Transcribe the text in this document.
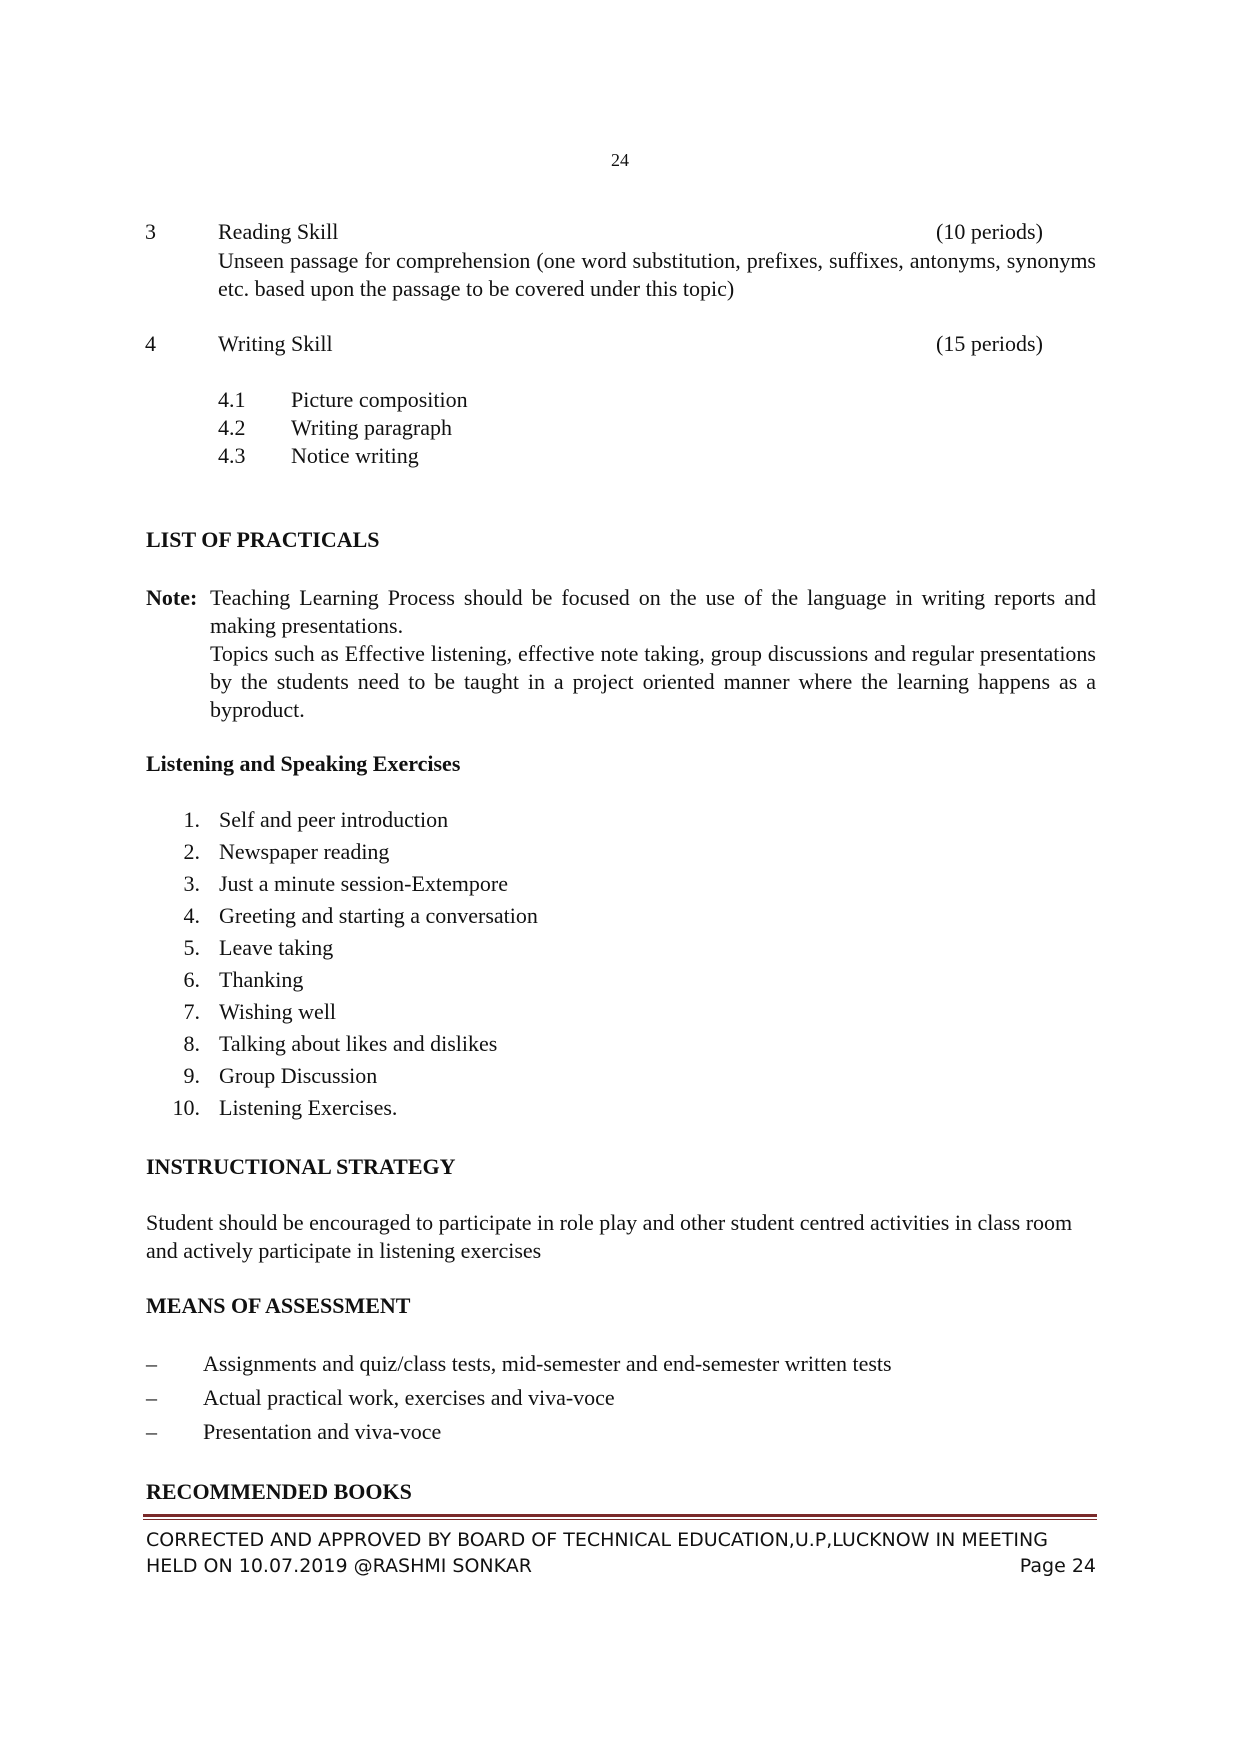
24
3	Reading Skill	(10 periods)
Unseen passage for comprehension (one word substitution, prefixes, suffixes, antonyms, synonyms etc. based upon the passage to be covered under this topic)
4	Writing Skill	(15 periods)
4.1 Picture composition
4.2 Writing paragraph
4.3 Notice writing
LIST OF PRACTICALS
Note: Teaching Learning Process should be focused on the use of the language in writing reports and making presentations.
Topics such as Effective listening, effective note taking, group discussions and regular presentations by the students need to be taught in a project oriented manner where the learning happens as a byproduct.
Listening and Speaking Exercises
1. Self and peer introduction
2. Newspaper reading
3. Just a minute session-Extempore
4. Greeting and starting a conversation
5. Leave taking
6. Thanking
7. Wishing well
8. Talking about likes and dislikes
9. Group Discussion
10. Listening Exercises.
INSTRUCTIONAL STRATEGY
Student should be encouraged to participate in role play and other student centred activities in class room and actively participate in listening exercises
MEANS OF ASSESSMENT
– Assignments and quiz/class tests, mid-semester and end-semester written tests
– Actual practical work, exercises and viva-voce
– Presentation and viva-voce
RECOMMENDED BOOKS
CORRECTED AND APPROVED BY BOARD OF TECHNICAL EDUCATION,U.P,LUCKNOW IN MEETING
HELD ON 10.07.2019 @RASHMI SONKAR	Page 24
